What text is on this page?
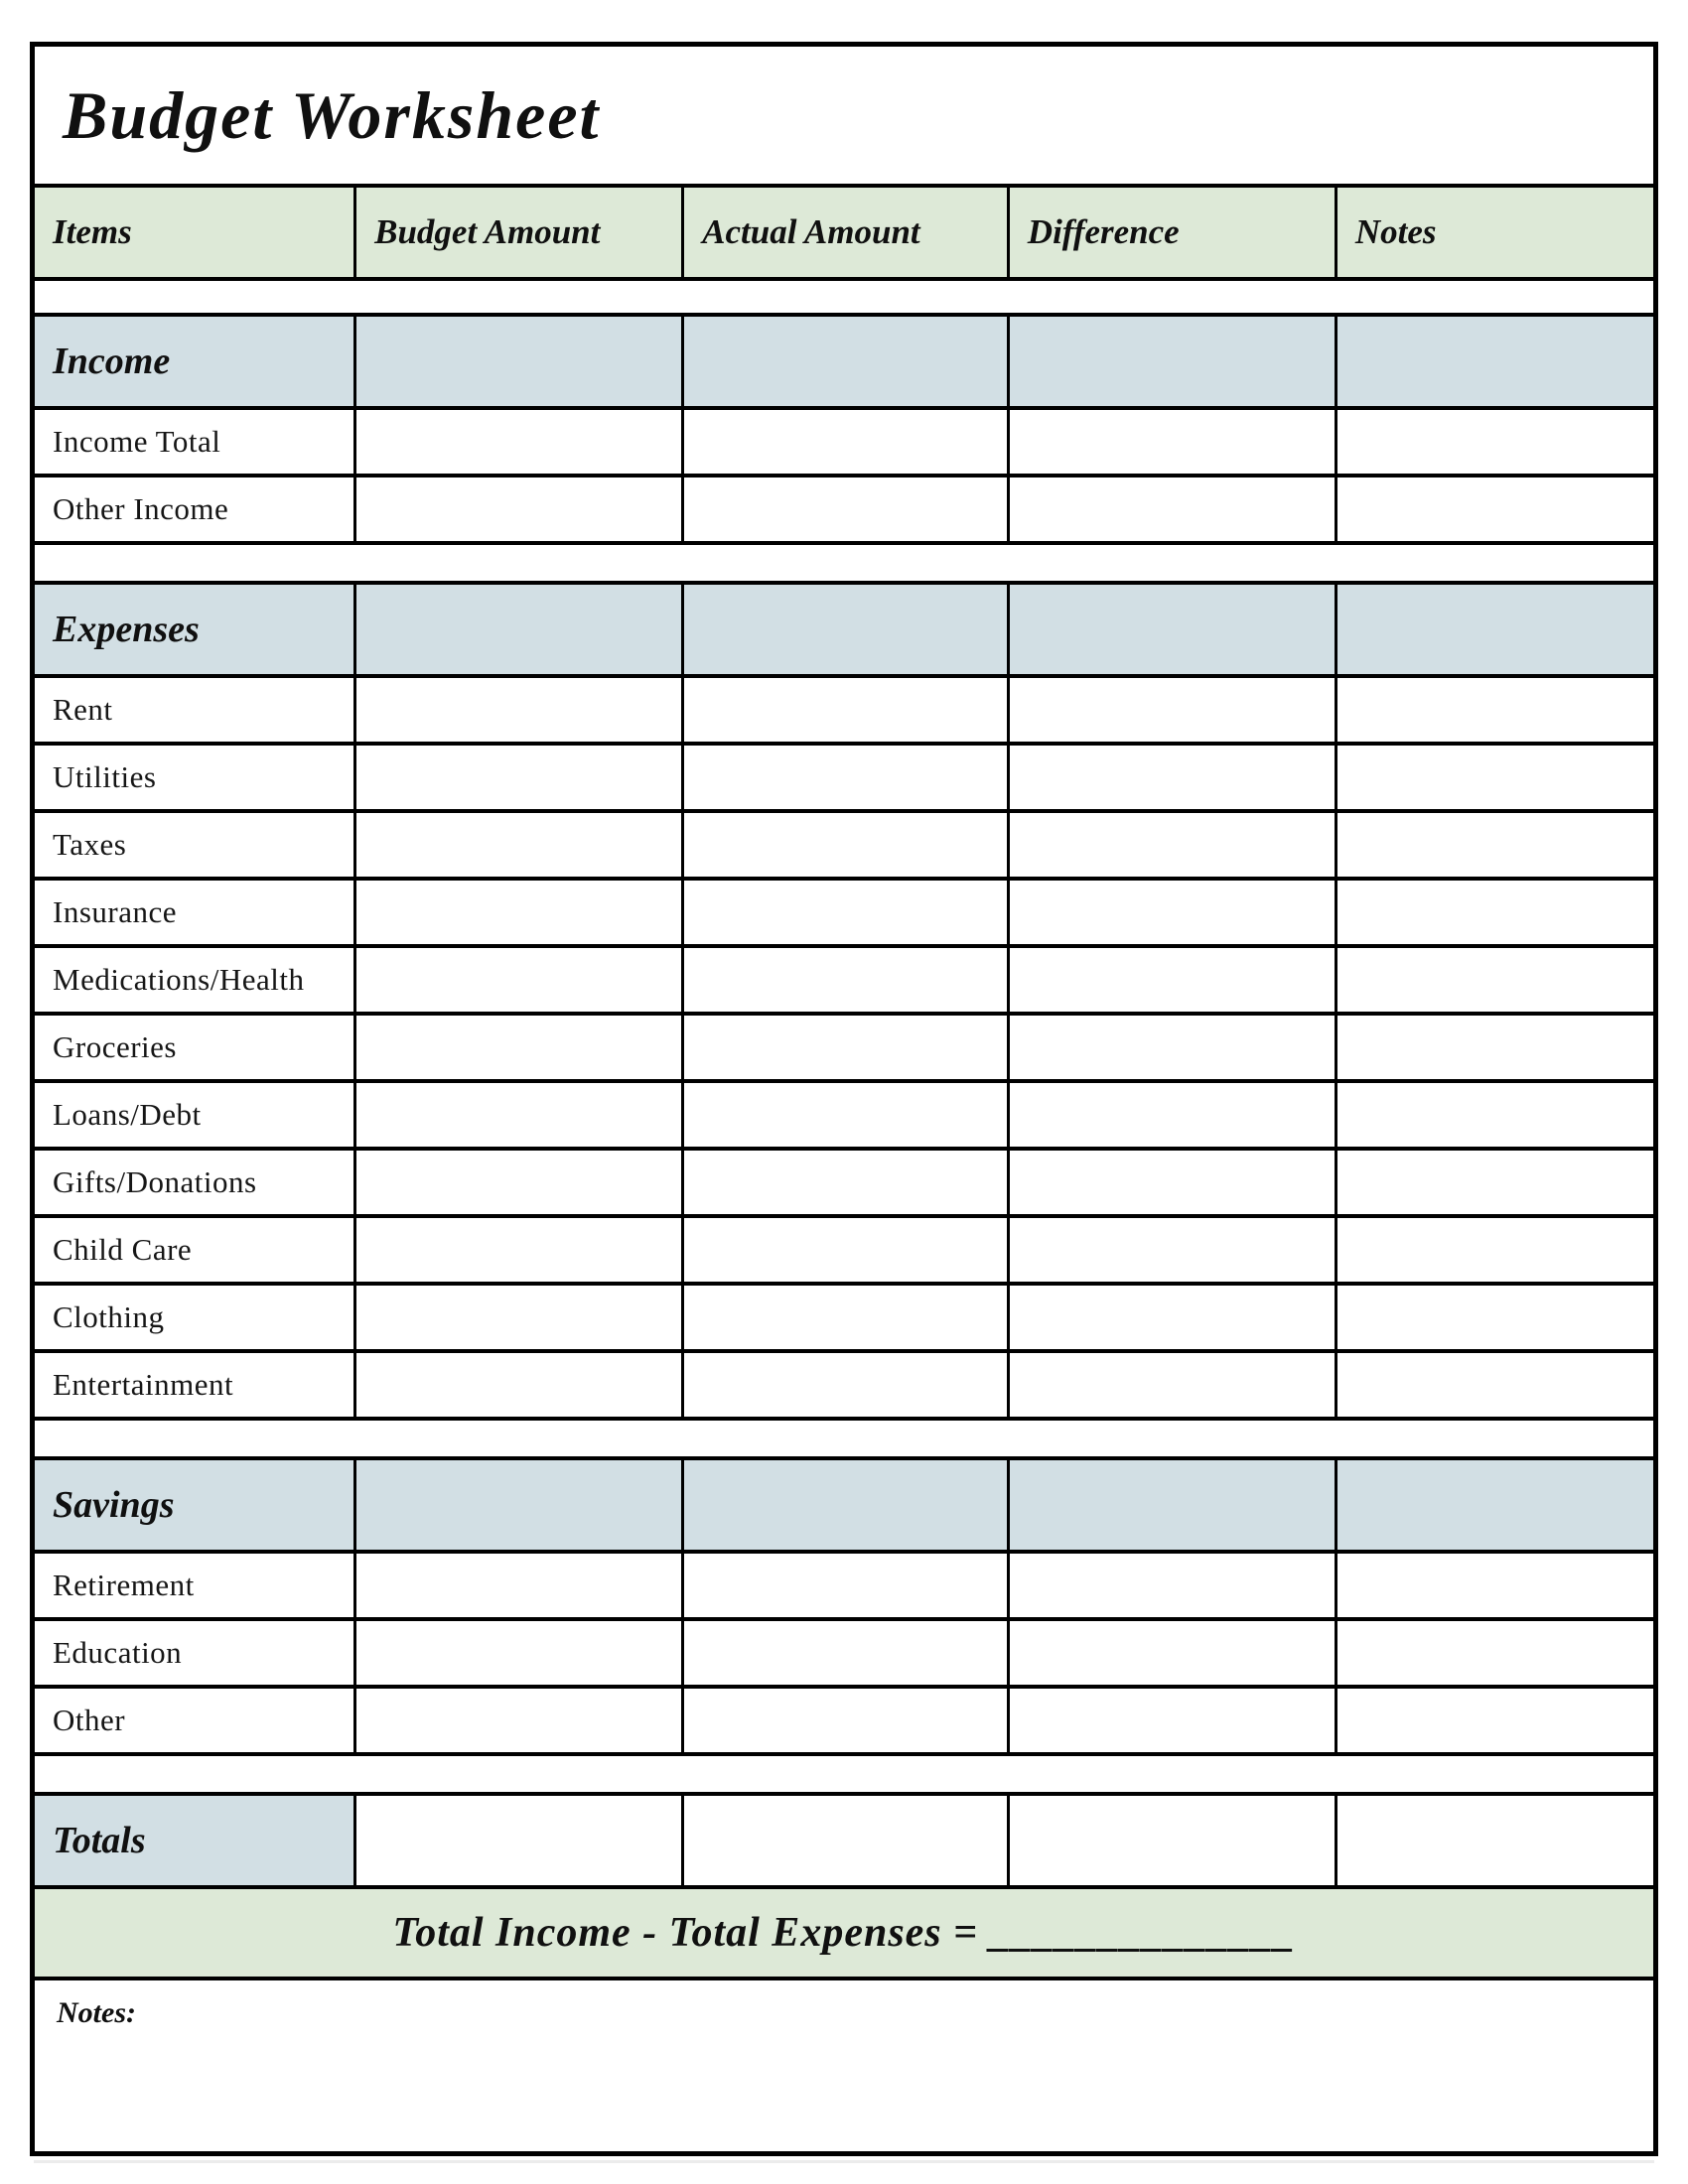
Budget Worksheet
Items	Budget Amount	Actual Amount	Difference	Notes
Income
Income Total
Other Income
Expenses
Rent
Utilities
Taxes
Insurance
Medications/Health
Groceries
Loans/Debt
Gifts/Donations
Child Care
Clothing
Entertainment
Savings
Retirement
Education
Other
Totals
Total Income - Total Expenses = ______________
Notes:
